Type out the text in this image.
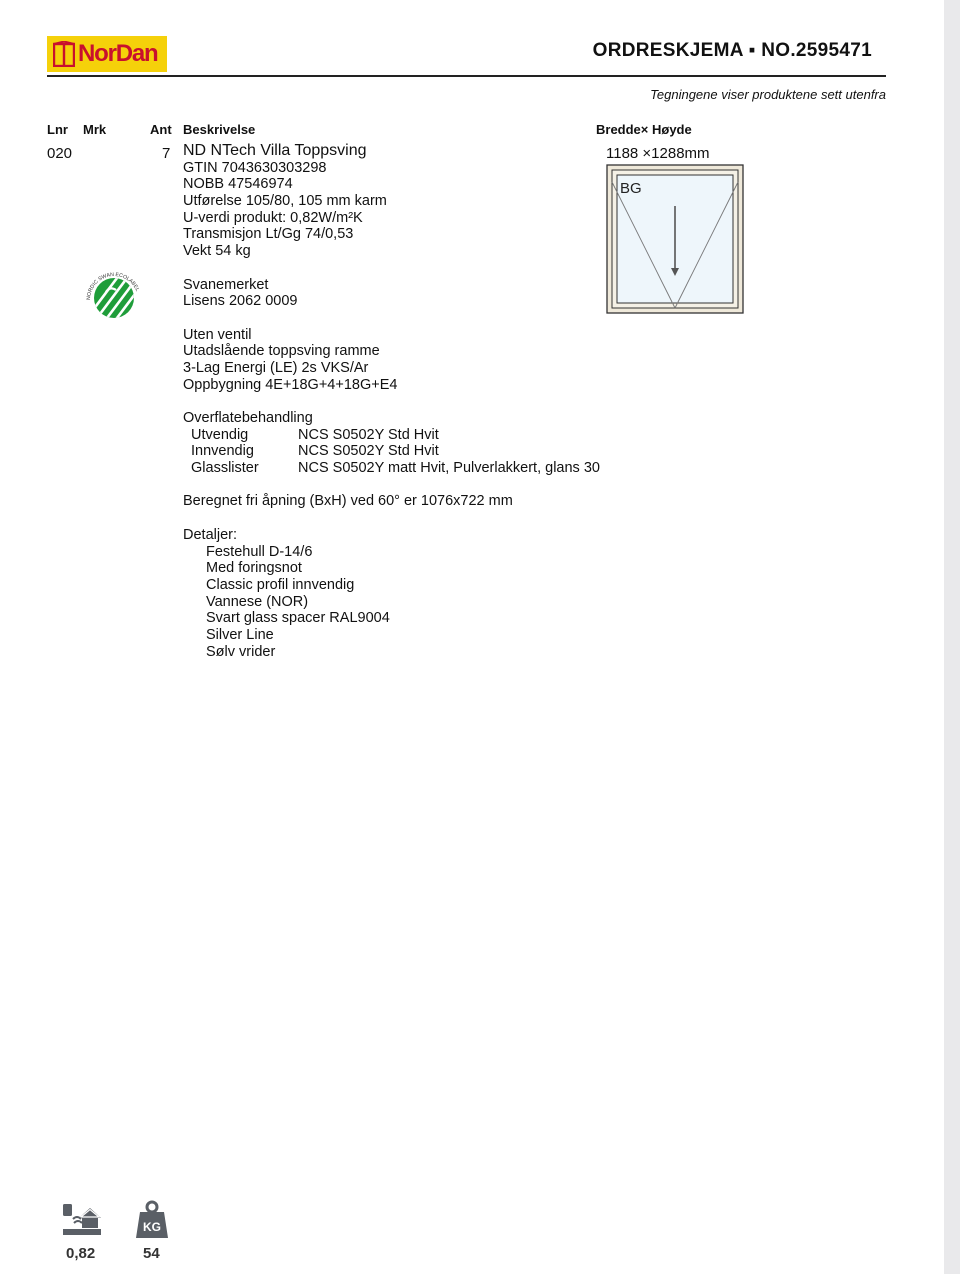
NorDan	ORDRESKJEMA ▪ NO.2595471
Tegningene viser produktene sett utenfra
Lnr Mrk	Ant Beskrivelse	Bredde× Høyde
020	7	1188 ×1288mm
BG
NORDIC SWAN ECOLABEL
ND NTech Villa Toppsving
GTIN 7043630303298
NOBB 47546974
Utførelse 105/80, 105 mm karm
U-verdi produkt: 0,82W/m²K
Transmisjon Lt/Gg 74/0,53
Vekt 54 kg
Svanemerket
Lisens 2062 0009
Uten ventil
Utadslående toppsving ramme
3-Lag Energi (LE) 2s VKS/Ar
Oppbygning 4E+18G+4+18G+E4
Overflatebehandling
Utvendig	NCS S0502Y Std Hvit
Innvendig	NCS S0502Y Std Hvit
Glasslister	NCS S0502Y matt Hvit, Pulverlakkert, glans 30
Beregnet fri åpning (BxH) ved 60° er 1076x722 mm
Detaljer:
Festehull D-14/6
Med foringsnot
Classic profil innvendig
Vannese (NOR)
Svart glass spacer RAL9004
Silver Line
Sølv vrider
0,82
KG
54
